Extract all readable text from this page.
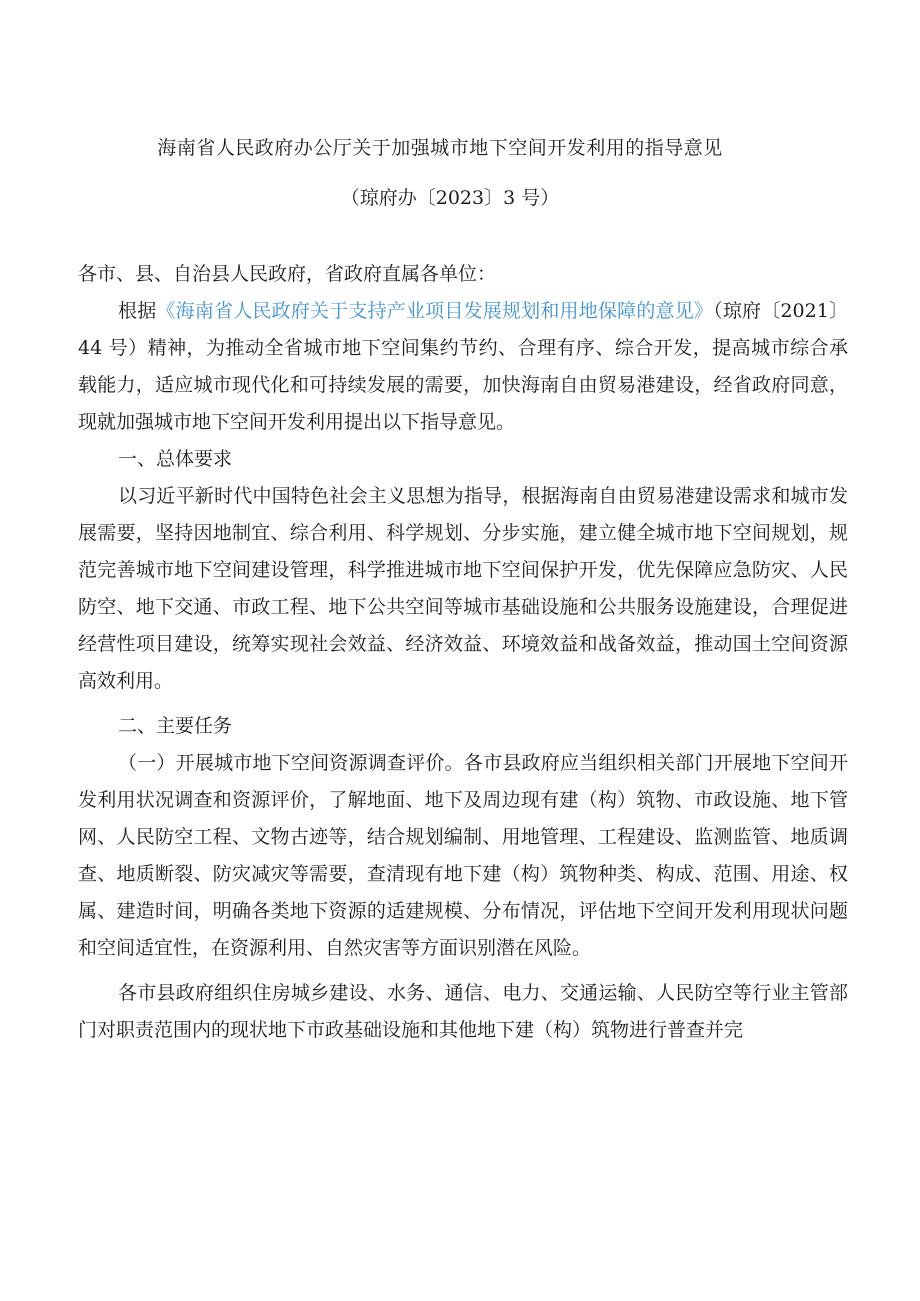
海南省人民政府办公厅关于加强城市地下空间开发利用的指导意见
（琼府办〔2023〕3 号）

各市、县、自治县人民政府，省政府直属各单位：

根据《海南省人民政府关于支持产业项目发展规划和用地保障的意见》（琼府〔2021〕44 号）精神，为推动全省城市地下空间集约节约、合理有序、综合开发，提高城市综合承载能力，适应城市现代化和可持续发展的需要，加快海南自由贸易港建设，经省政府同意，现就加强城市地下空间开发利用提出以下指导意见。

一、总体要求

以习近平新时代中国特色社会主义思想为指导，根据海南自由贸易港建设需求和城市发展需要，坚持因地制宜、综合利用、科学规划、分步实施，建立健全城市地下空间规划，规范完善城市地下空间建设管理，科学推进城市地下空间保护开发，优先保障应急防灾、人民防空、地下交通、市政工程、地下公共空间等城市基础设施和公共服务设施建设，合理促进经营性项目建设，统筹实现社会效益、经济效益、环境效益和战备效益，推动国土空间资源高效利用。

二、主要任务

（一）开展城市地下空间资源调查评价。各市县政府应当组织相关部门开展地下空间开发利用状况调查和资源评价，了解地面、地下及周边现有建（构）筑物、市政设施、地下管网、人民防空工程、文物古迹等，结合规划编制、用地管理、工程建设、监测监管、地质调查、地质断裂、防灾减灾等需要，查清现有地下建（构）筑物种类、构成、范围、用途、权属、建造时间，明确各类地下资源的适建规模、分布情况，评估地下空间开发利用现状问题和空间适宜性，在资源利用、自然灾害等方面识别潜在风险。

各市县政府组织住房城乡建设、水务、通信、电力、交通运输、人民防空等行业主管部门对职责范围内的现状地下市政基础设施和其他地下建（构）筑物进行普查并完
